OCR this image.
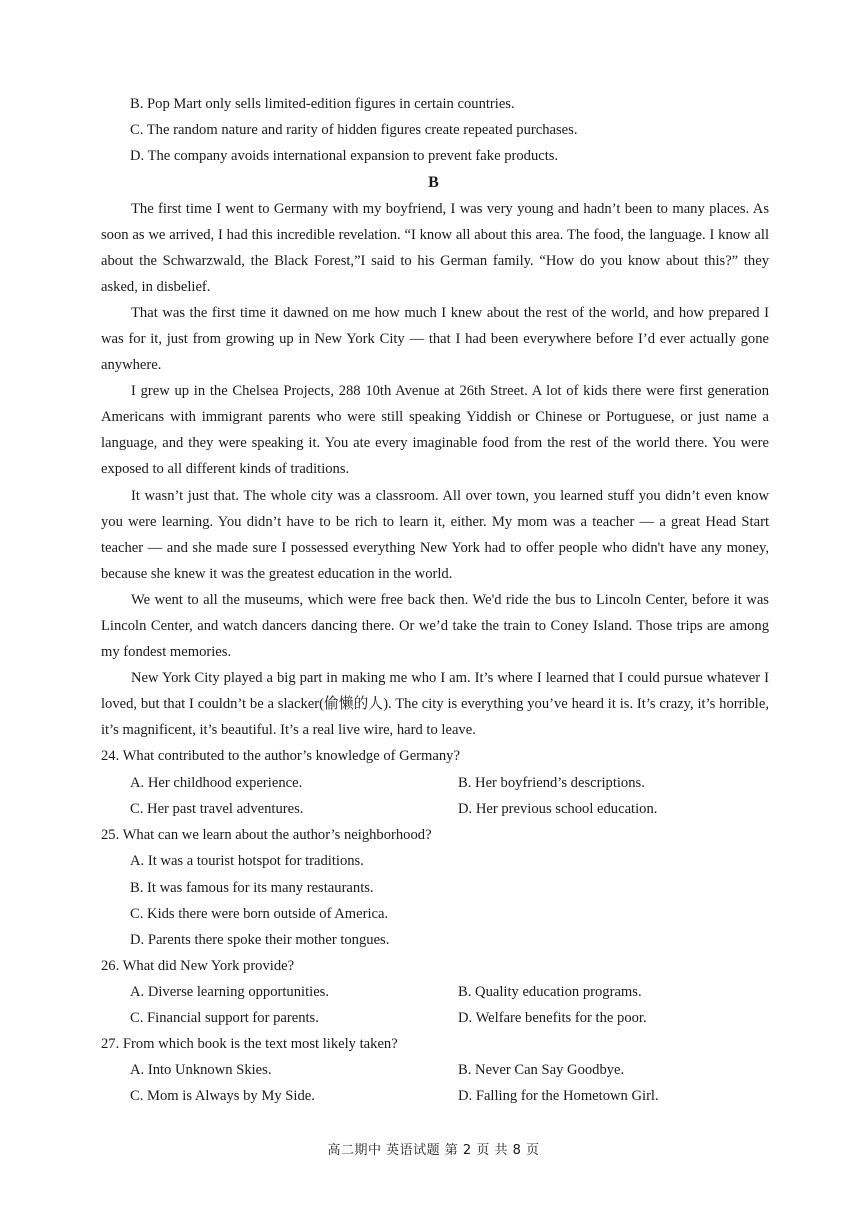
B. Pop Mart only sells limited-edition figures in certain countries.
C. The random nature and rarity of hidden figures create repeated purchases.
D. The company avoids international expansion to prevent fake products.
B

The first time I went to Germany with my boyfriend, I was very young and hadn’t been to many places. As soon as we arrived, I had this incredible revelation. “I know all about this area. The food, the language. I know all about the Schwarzwald, the Black Forest,”I said to his German family. “How do you know about this?” they asked, in disbelief.

That was the first time it dawned on me how much I knew about the rest of the world, and how prepared I was for it, just from growing up in New York City — that I had been everywhere before I’d ever actually gone anywhere.

I grew up in the Chelsea Projects, 288 10th Avenue at 26th Street. A lot of kids there were first generation Americans with immigrant parents who were still speaking Yiddish or Chinese or Portuguese, or just name a language, and they were speaking it. You ate every imaginable food from the rest of the world there. You were exposed to all different kinds of traditions.

It wasn’t just that. The whole city was a classroom. All over town, you learned stuff you didn’t even know you were learning. You didn’t have to be rich to learn it, either. My mom was a teacher — a great Head Start teacher — and she made sure I possessed everything New York had to offer people who didn't have any money, because she knew it was the greatest education in the world.

We went to all the museums, which were free back then. We'd ride the bus to Lincoln Center, before it was Lincoln Center, and watch dancers dancing there. Or we’d take the train to Coney Island. Those trips are among my fondest memories.

New York City played a big part in making me who I am. It’s where I learned that I could pursue whatever I loved, but that I couldn’t be a slacker(偷懒的人). The city is everything you’ve heard it is. It’s crazy, it’s horrible, it’s magnificent, it’s beautiful. It’s a real live wire, hard to leave.

24. What contributed to the author’s knowledge of Germany?
A. Her childhood experience.	B. Her boyfriend’s descriptions.
C. Her past travel adventures.	D. Her previous school education.
25. What can we learn about the author’s neighborhood?
A. It was a tourist hotspot for traditions.
B. It was famous for its many restaurants.
C. Kids there were born outside of America.
D. Parents there spoke their mother tongues.
26. What did New York provide?
A. Diverse learning opportunities.	B. Quality education programs.
C. Financial support for parents.	D. Welfare benefits for the poor.
27. From which book is the text most likely taken?
A. Into Unknown Skies.	B. Never Can Say Goodbye.
C. Mom is Always by My Side.	D. Falling for the Hometown Girl.
高二期中 英语试题 第 2 页 共 8 页
